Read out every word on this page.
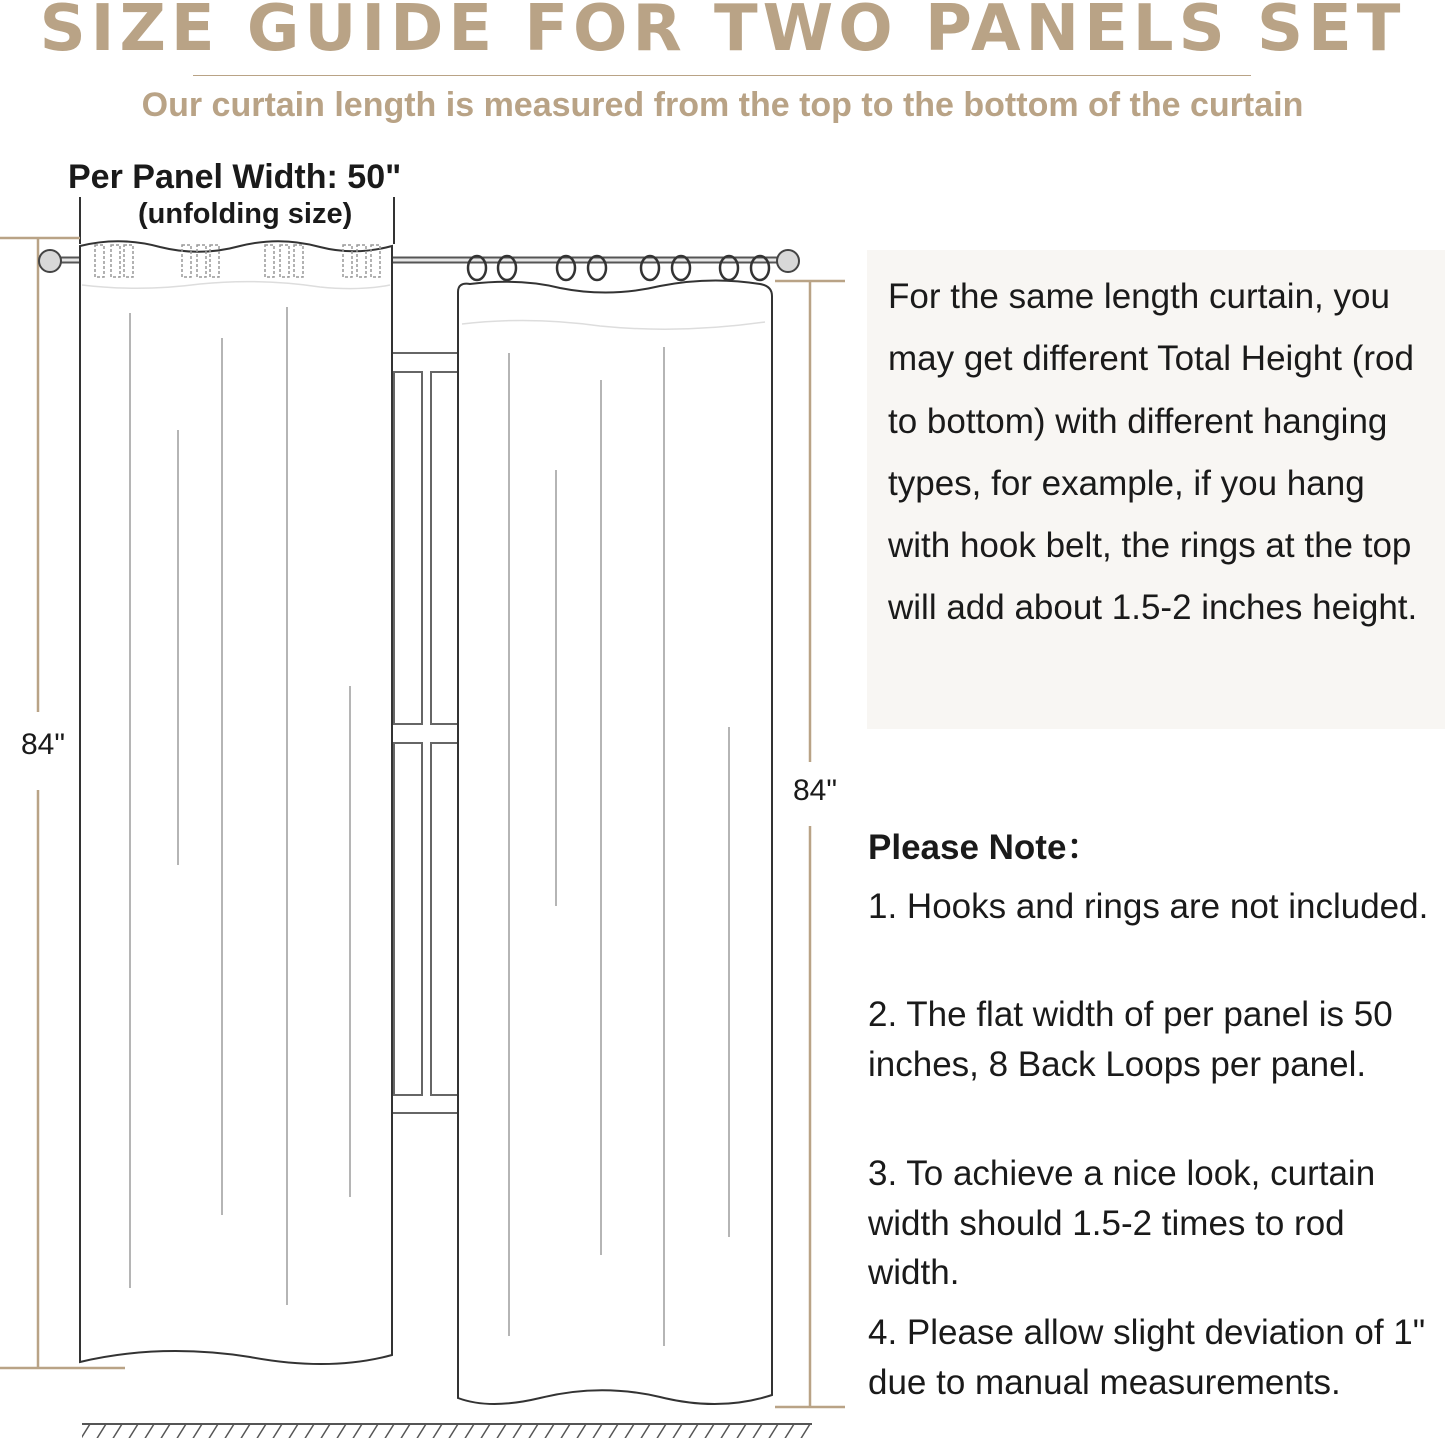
SIZE GUIDE FOR TWO PANELS SET
Our curtain length is measured from the top to the bottom of the curtain
Per Panel Width: 50"
(unfolding size)
84"
84"
For the same length curtain, you may get different Total Height (rod to bottom) with different hanging types, for example, if you hang with hook belt, the rings at the top will add about 1.5-2 inches height.
Please Note：
1. Hooks and rings are not included.
2. The flat width of per panel is 50 inches, 8 Back Loops per panel.
3. To achieve a nice look, curtain width should 1.5-2 times to rod width.
4. Please allow slight deviation of 1" due to manual measurements.
